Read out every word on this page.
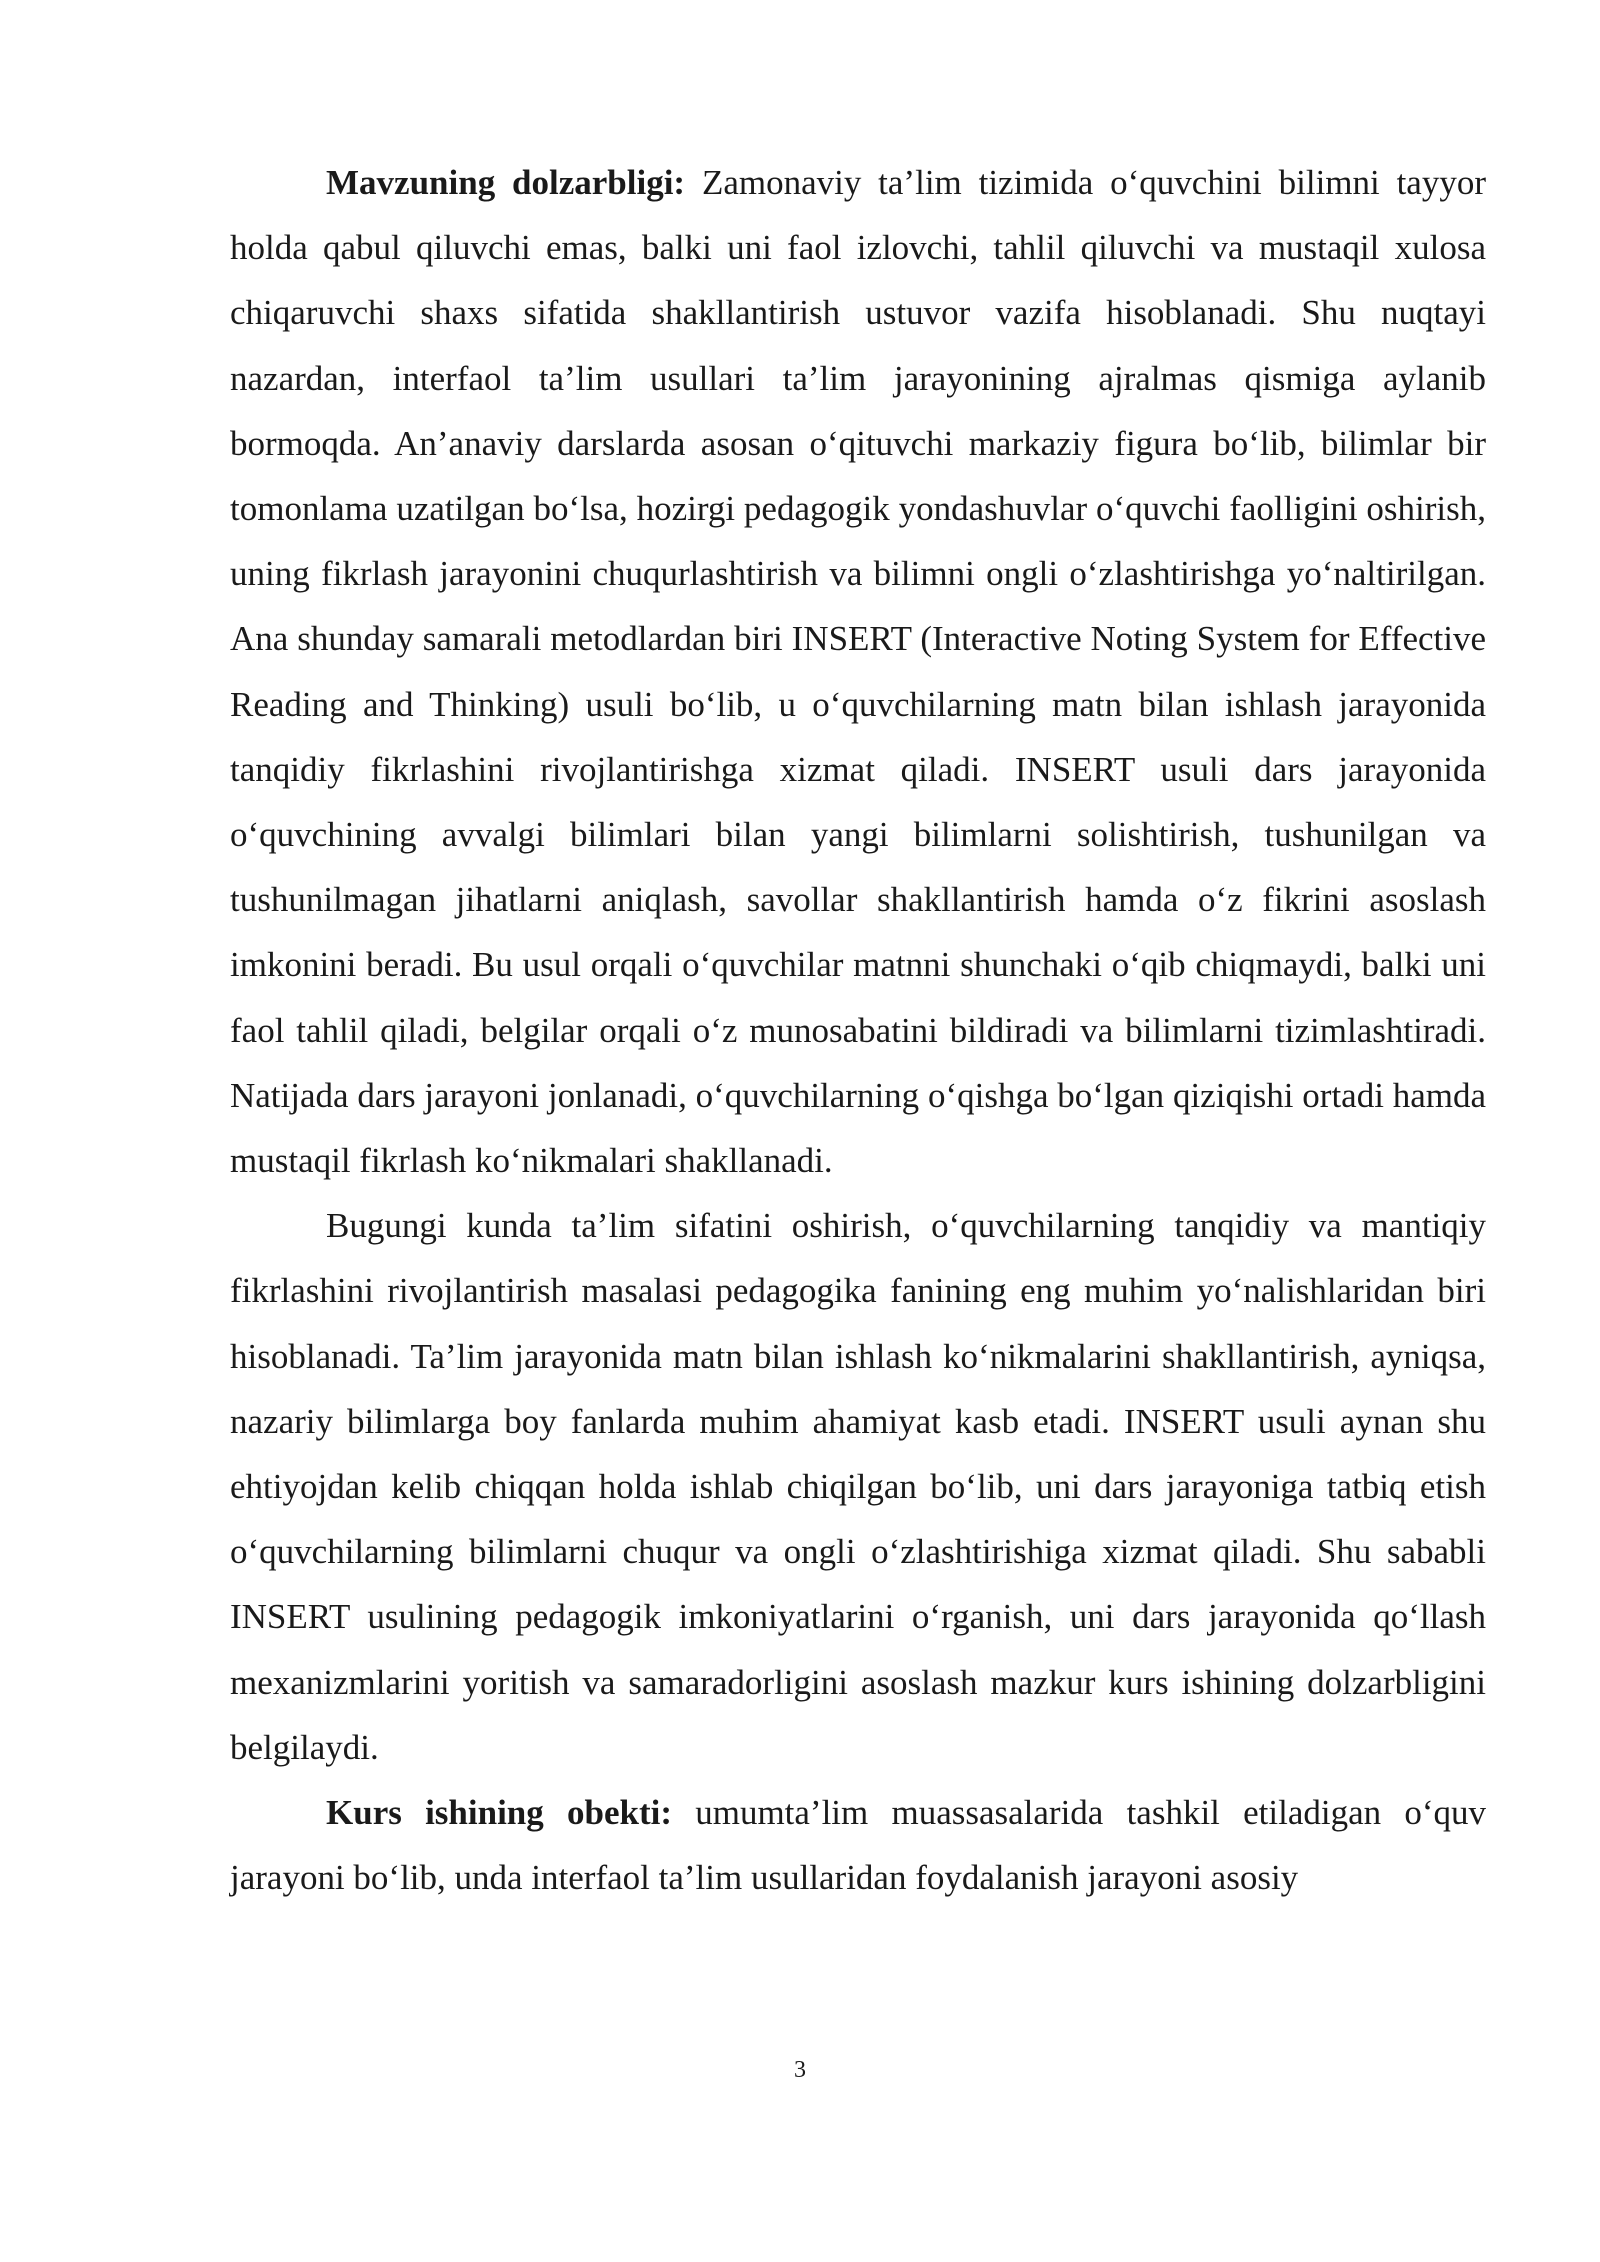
Mavzuning dolzarbligi: Zamonaviy ta’lim tizimida o‘quvchini bilimni tayyor holda qabul qiluvchi emas, balki uni faol izlovchi, tahlil qiluvchi va mustaqil xulosa chiqaruvchi shaxs sifatida shakllantirish ustuvor vazifa hisoblanadi. Shu nuqtayi nazardan, interfaol ta’lim usullari ta’lim jarayonining ajralmas qismiga aylanib bormoqda. An’anaviy darslarda asosan o‘qituvchi markaziy figura bo‘lib, bilimlar bir tomonlama uzatilgan bo‘lsa, hozirgi pedagogik yondashuvlar o‘quvchi faolligini oshirish, uning fikrlash jarayonini chuqurlashtirish va bilimni ongli o‘zlashtirishga yo‘naltirilgan. Ana shunday samarali metodlardan biri INSERT (Interactive Noting System for Effective Reading and Thinking) usuli bo‘lib, u o‘quvchilarning matn bilan ishlash jarayonida tanqidiy fikrlashini rivojlantirishga xizmat qiladi. INSERT usuli dars jarayonida o‘quvchining avvalgi bilimlari bilan yangi bilimlarni solishtirish, tushunilgan va tushunilmagan jihatlarni aniqlash, savollar shakllantirish hamda o‘z fikrini asoslash imkonini beradi. Bu usul orqali o‘quvchilar matnni shunchaki o‘qib chiqmaydi, balki uni faol tahlil qiladi, belgilar orqali o‘z munosabatini bildiradi va bilimlarni tizimlashtiradi. Natijada dars jarayoni jonlanadi, o‘quvchilarning o‘qishga bo‘lgan qiziqishi ortadi hamda mustaqil fikrlash ko‘nikmalari shakllanadi.

Bugungi kunda ta’lim sifatini oshirish, o‘quvchilarning tanqidiy va mantiqiy fikrlashini rivojlantirish masalasi pedagogika fanining eng muhim yo‘nalishlaridan biri hisoblanadi. Ta’lim jarayonida matn bilan ishlash ko‘nikmalarini shakllantirish, ayniqsa, nazariy bilimlarga boy fanlarda muhim ahamiyat kasb etadi. INSERT usuli aynan shu ehtiyojdan kelib chiqqan holda ishlab chiqilgan bo‘lib, uni dars jarayoniga tatbiq etish o‘quvchilarning bilimlarni chuqur va ongli o‘zlashtirishiga xizmat qiladi. Shu sababli INSERT usulining pedagogik imkoniyatlarini o‘rganish, uni dars jarayonida qo‘llash mexanizmlarini yoritish va samaradorligini asoslash mazkur kurs ishining dolzarbligini belgilaydi.

Kurs ishining obekti: umumta’lim muassasalarida tashkil etiladigan o‘quv jarayoni bo‘lib, unda interfaol ta’lim usullaridan foydalanish jarayoni asosiy

3
